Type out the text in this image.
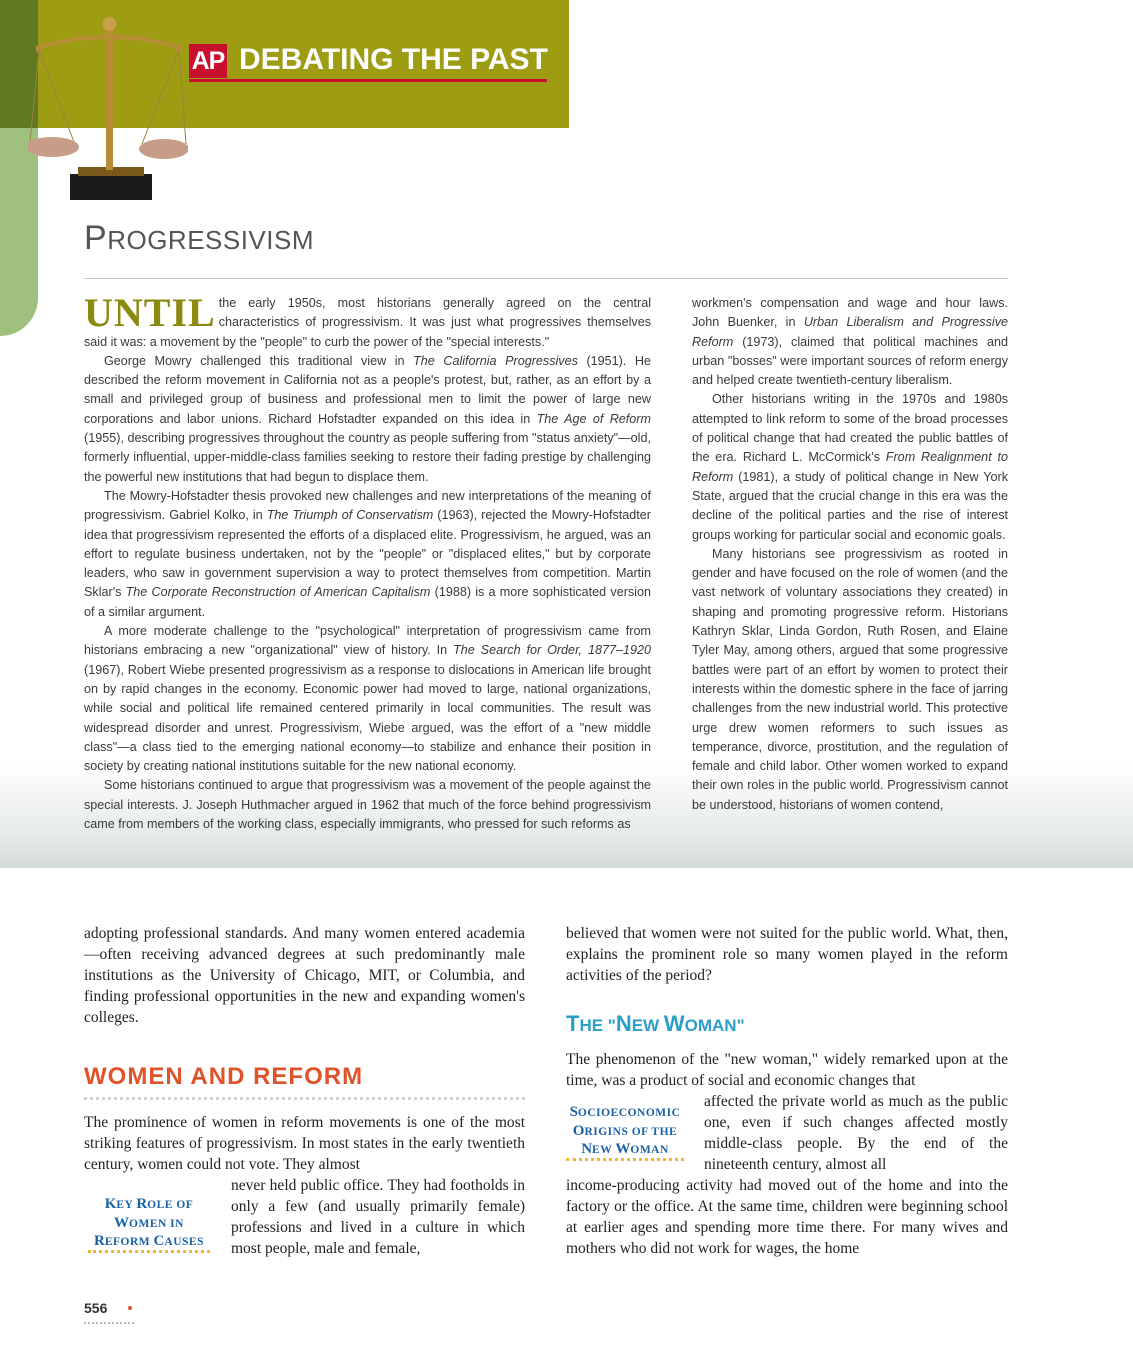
AP DEBATING THE PAST
PROGRESSIVISM

UNTIL the early 1950s, most historians generally agreed on the central characteristics of progressivism. It was just what progressives themselves said it was: a movement by the "people" to curb the power of the "special interests."

George Mowry challenged this traditional view in The California Progressives (1951). He described the reform movement in California not as a people's protest, but, rather, as an effort by a small and privileged group of business and professional men to limit the power of large new corporations and labor unions. Richard Hofstadter expanded on this idea in The Age of Reform (1955), describing progressives throughout the country as people suffering from "status anxiety"—old, formerly influential, upper-middle-class families seeking to restore their fading prestige by challenging the powerful new institutions that had begun to displace them.

The Mowry-Hofstadter thesis provoked new challenges and new interpretations of the meaning of progressivism. Gabriel Kolko, in The Triumph of Conservatism (1963), rejected the Mowry-Hofstadter idea that progressivism represented the efforts of a displaced elite. Progressivism, he argued, was an effort to regulate business undertaken, not by the "people" or "displaced elites," but by corporate leaders, who saw in government supervision a way to protect themselves from competition. Martin Sklar's The Corporate Reconstruction of American Capitalism (1988) is a more sophisticated version of a similar argument.

A more moderate challenge to the "psychological" interpretation of progressivism came from historians embracing a new "organizational" view of history. In The Search for Order, 1877–1920 (1967), Robert Wiebe presented progressivism as a response to dislocations in American life brought on by rapid changes in the economy. Economic power had moved to large, national organizations, while social and political life remained centered primarily in local communities. The result was widespread disorder and unrest. Progressivism, Wiebe argued, was the effort of a "new middle class"—a class tied to the emerging national economy—to stabilize and enhance their position in society by creating national institutions suitable for the new national economy.

Some historians continued to argue that progressivism was a movement of the people against the special interests. J. Joseph Huthmacher argued in 1962 that much of the force behind progressivism came from members of the working class, especially immigrants, who pressed for such reforms as

workmen's compensation and wage and hour laws. John Buenker, in Urban Liberalism and Progressive Reform (1973), claimed that political machines and urban "bosses" were important sources of reform energy and helped create twentieth-century liberalism.

Other historians writing in the 1970s and 1980s attempted to link reform to some of the broad processes of political change that had created the public battles of the era. Richard L. McCormick's From Realignment to Reform (1981), a study of political change in New York State, argued that the crucial change in this era was the decline of the political parties and the rise of interest groups working for particular social and economic goals.

Many historians see progressivism as rooted in gender and have focused on the role of women (and the vast network of voluntary associations they created) in shaping and promoting progressive reform. Historians Kathryn Sklar, Linda Gordon, Ruth Rosen, and Elaine Tyler May, among others, argued that some progressive battles were part of an effort by women to protect their interests within the domestic sphere in the face of jarring challenges from the new industrial world. This protective urge drew women reformers to such issues as temperance, divorce, prostitution, and the regulation of female and child labor. Other women worked to expand their own roles in the public world. Progressivism cannot be understood, historians of women contend,

adopting professional standards. And many women entered academia—often receiving advanced degrees at such predominantly male institutions as the University of Chicago, MIT, or Columbia, and finding professional opportunities in the new and expanding women's colleges.

WOMEN AND REFORM

The prominence of women in reform movements is one of the most striking features of progressivism. In most states in the early twentieth century, women could not vote. They almost

never held public office. They had footholds in only a few (and usually primarily female) professions and lived in a culture in which most people, male and female,

KEY ROLE OF
WOMEN IN
REFORM CAUSES

believed that women were not suited for the public world. What, then, explains the prominent role so many women played in the reform activities of the period?

THE "NEW WOMAN"

The phenomenon of the "new woman," widely remarked upon at the time, was a product of social and economic changes that

affected the private world as much as the public one, even if such changes affected mostly middle-class people. By the end of the nineteenth century, almost all

income-producing activity had moved out of the home and into the factory or the office. At the same time, children were beginning school at earlier ages and spending more time there. For many wives and mothers who did not work for wages, the home

SOCIOECONOMIC
ORIGINS OF THE
NEW WOMAN
556
